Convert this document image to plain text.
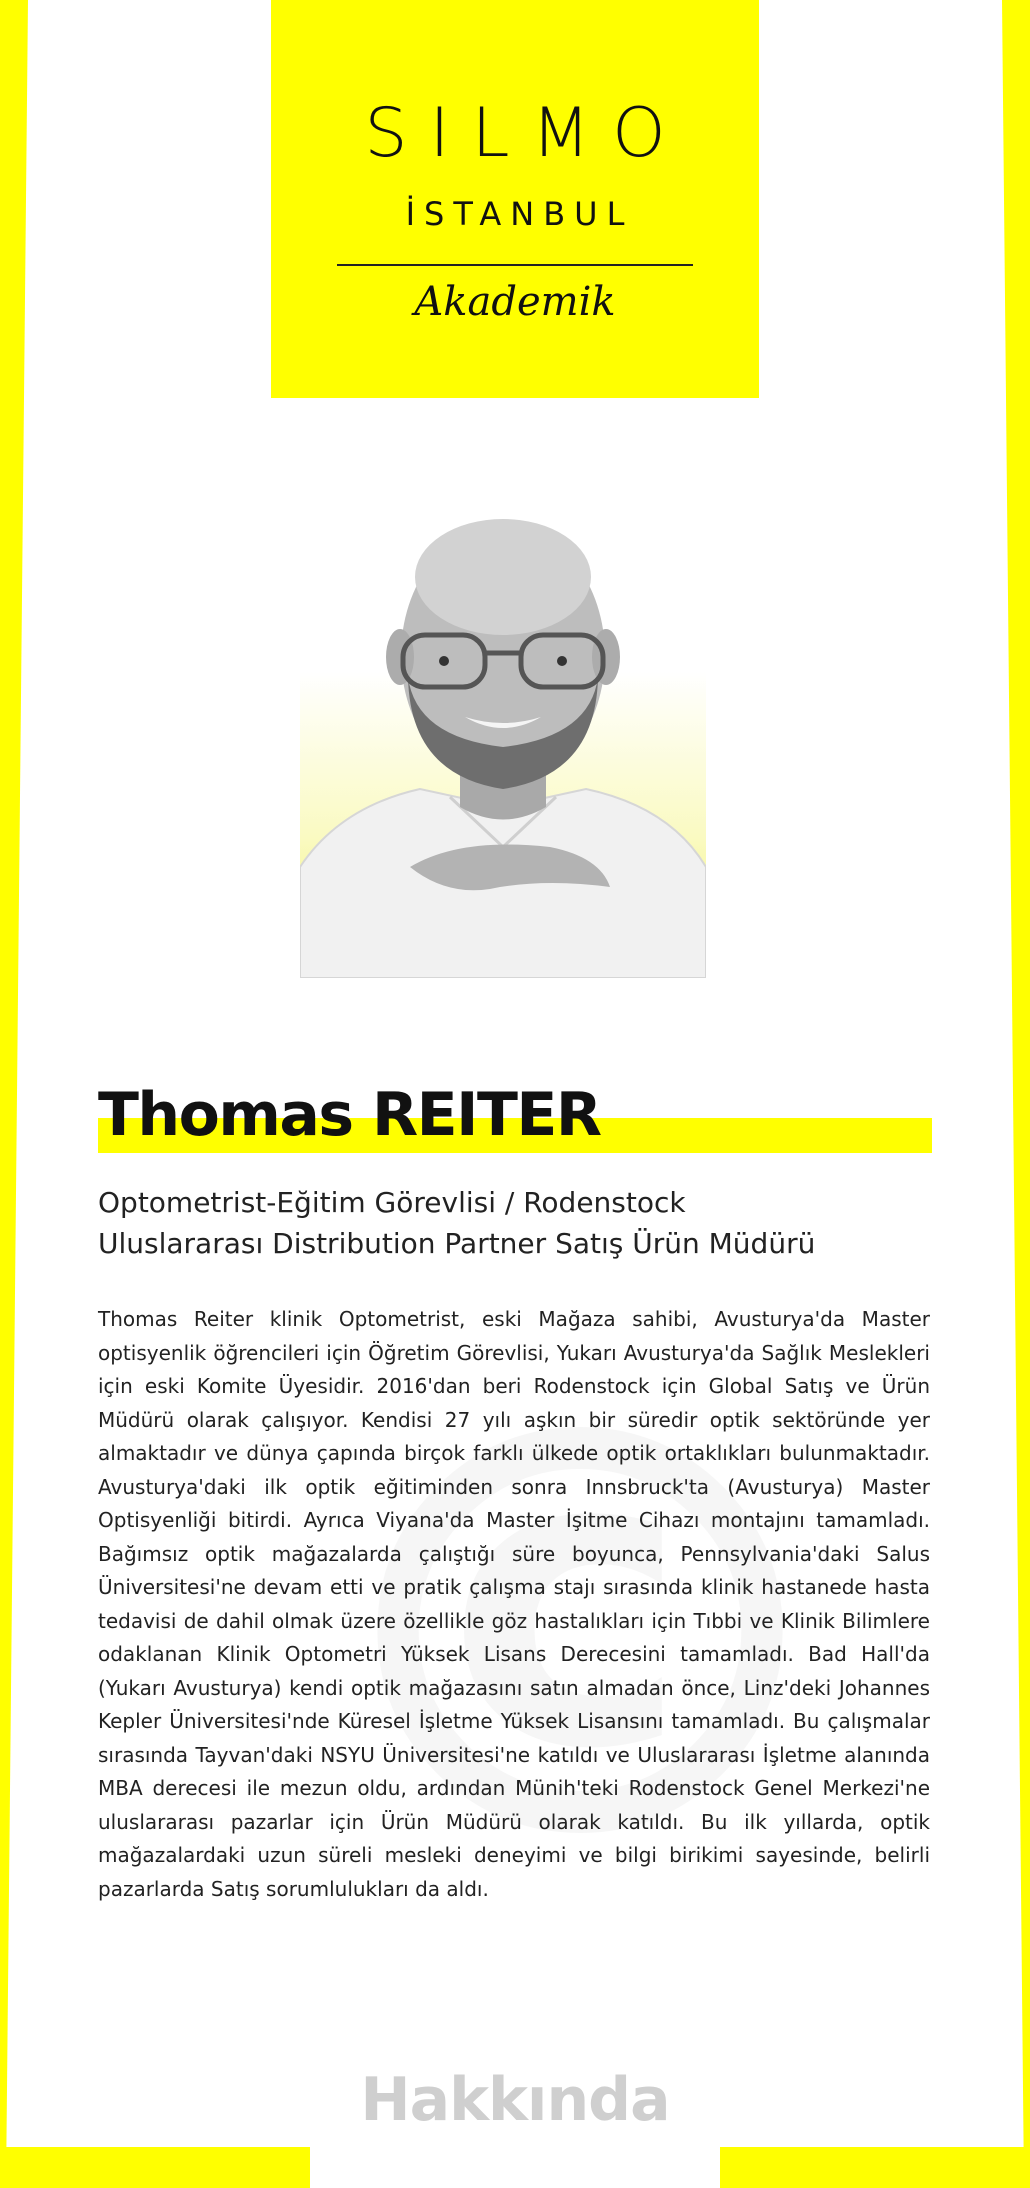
SILMO
İSTANBUL
Akademik
Thomas REITER
Optometrist-Eğitim Görevlisi / Rodenstock
Uluslararası Distribution Partner Satış Ürün Müdürü

Thomas Reiter klinik Optometrist, eski Mağaza sahibi, Avusturya'da Master optisyenlik öğrencileri için Öğretim Görevlisi, Yukarı Avusturya'da Sağlık Meslekleri için eski Komite Üyesidir. 2016'dan beri Rodenstock için Global Satış ve Ürün Müdürü olarak çalışıyor. Kendisi 27 yılı aşkın bir süredir optik sektöründe yer almaktadır ve dünya çapında birçok farklı ülkede optik ortaklıkları bulunmaktadır. Avusturya'daki ilk optik eğitiminden sonra Innsbruck'ta (Avusturya) Master Optisyenliği bitirdi. Ayrıca Viyana'da Master İşitme Cihazı montajını tamamladı. Bağımsız optik mağazalarda çalıştığı süre boyunca, Pennsylvania'daki Salus Üniversitesi'ne devam etti ve pratik çalışma stajı sırasında klinik hastanede hasta tedavisi de dahil olmak üzere özellikle göz hastalıkları için Tıbbi ve Klinik Bilimlere odaklanan Klinik Optometri Yüksek Lisans Derecesini tamamladı. Bad Hall'da (Yukarı Avusturya) kendi optik mağazasını satın almadan önce, Linz'deki Johannes Kepler Üniversitesi'nde Küresel İşletme Yüksek Lisansını tamamladı. Bu çalışmalar sırasında Tayvan'daki NSYU Üniversitesi'ne katıldı ve Uluslararası İşletme alanında MBA derecesi ile mezun oldu, ardından Münih'teki Rodenstock Genel Merkezi'ne uluslararası pazarlar için Ürün Müdürü olarak katıldı. Bu ilk yıllarda, optik mağazalardaki uzun süreli mesleki deneyimi ve bilgi birikimi sayesinde, belirli pazarlarda Satış sorumlulukları da aldı.

Hakkında
